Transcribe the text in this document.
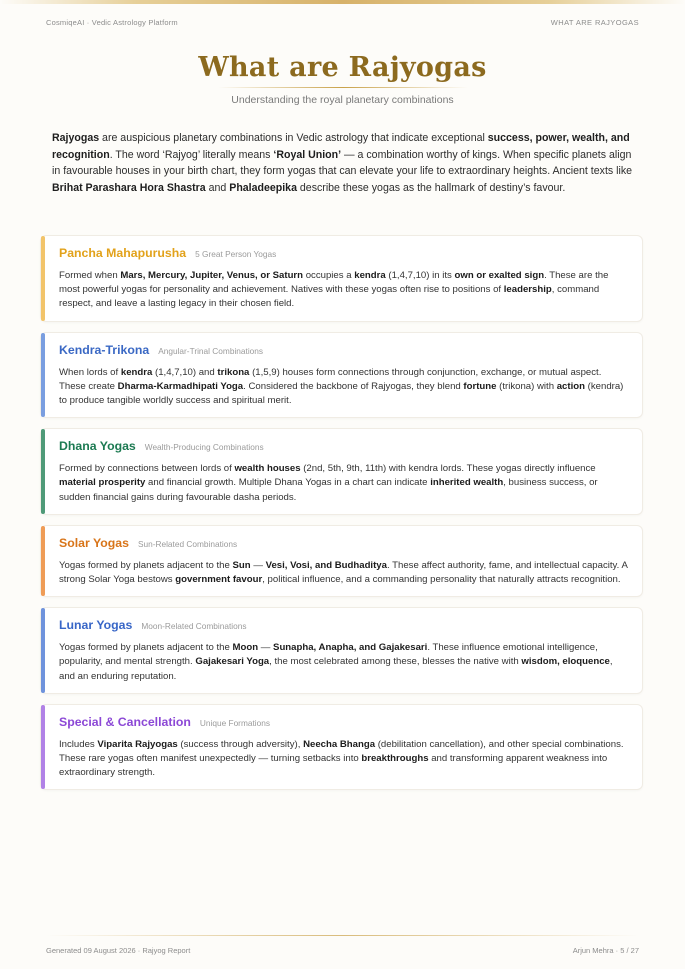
CosmiqeAI · Vedic Astrology Platform	WHAT ARE RAJYOGAS
What are Rajyogas
Understanding the royal planetary combinations

Rajyogas are auspicious planetary combinations in Vedic astrology that indicate exceptional success, power, wealth, and recognition. The word ‘Rajyog’ literally means ‘Royal Union’ — a combination worthy of kings. When specific planets align in favourable houses in your birth chart, they form yogas that can elevate your life to extraordinary heights. Ancient texts like Brihat Parashara Hora Shastra and Phaladeepika describe these yogas as the hallmark of destiny’s favour.

Pancha Mahapurusha 5 Great Person Yogas

Formed when Mars, Mercury, Jupiter, Venus, or Saturn occupies a kendra (1,4,7,10) in its own or exalted sign. These are the most powerful yogas for personality and achievement. Natives with these yogas often rise to positions of leadership, command respect, and leave a lasting legacy in their chosen field.

Kendra-Trikona Angular-Trinal Combinations

When lords of kendra (1,4,7,10) and trikona (1,5,9) houses form connections through conjunction, exchange, or mutual aspect. These create Dharma-Karmadhipati Yoga. Considered the backbone of Rajyogas, they blend fortune (trikona) with action (kendra) to produce tangible worldly success and spiritual merit.

Dhana Yogas Wealth-Producing Combinations

Formed by connections between lords of wealth houses (2nd, 5th, 9th, 11th) with kendra lords. These yogas directly influence material prosperity and financial growth. Multiple Dhana Yogas in a chart can indicate inherited wealth, business success, or sudden financial gains during favourable dasha periods.

Solar Yogas Sun-Related Combinations

Yogas formed by planets adjacent to the Sun — Vesi, Vosi, and Budhaditya. These affect authority, fame, and intellectual capacity. A strong Solar Yoga bestows government favour, political influence, and a commanding personality that naturally attracts recognition.

Lunar Yogas Moon-Related Combinations

Yogas formed by planets adjacent to the Moon — Sunapha, Anapha, and Gajakesari. These influence emotional intelligence, popularity, and mental strength. Gajakesari Yoga, the most celebrated among these, blesses the native with wisdom, eloquence, and an enduring reputation.

Special & Cancellation Unique Formations

Includes Viparita Rajyogas (success through adversity), Neecha Bhanga (debilitation cancellation), and other special combinations. These rare yogas often manifest unexpectedly — turning setbacks into breakthroughs and transforming apparent weakness into extraordinary strength.

Generated 09 August 2026 · Rajyog Report	Arjun Mehra · 5 / 27
